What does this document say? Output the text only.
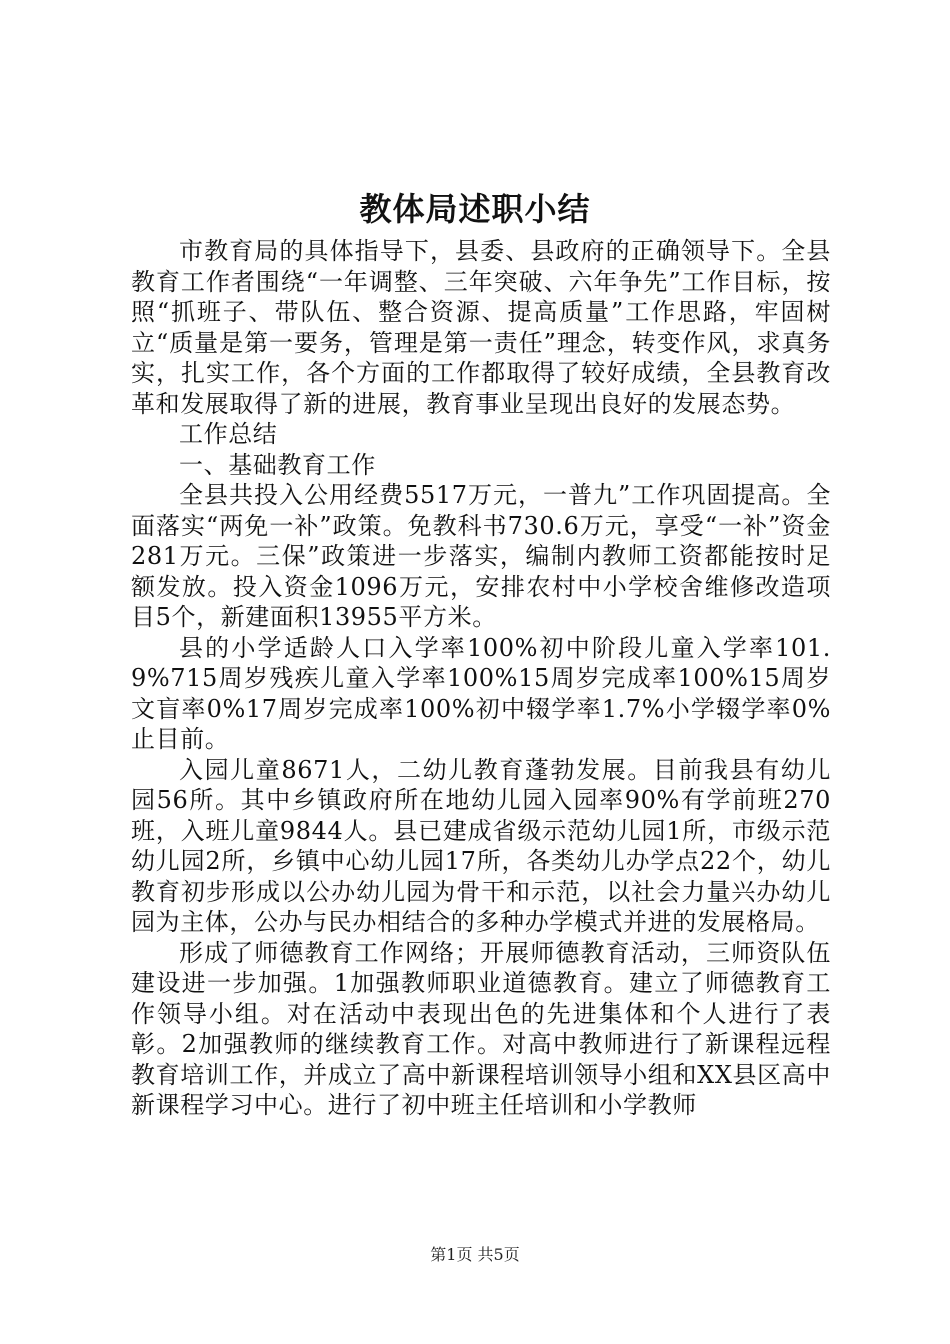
教体局述职小结

市教育局的具体指导下，县委、县政府的正确领导下。全县教育工作者围绕“一年调整、三年突破、六年争先”工作目标，按照“抓班子、带队伍、整合资源、提高质量”工作思路，牢固树立“质量是第一要务，管理是第一责任”理念，转变作风，求真务实，扎实工作，各个方面的工作都取得了较好成绩，全县教育改革和发展取得了新的进展，教育事业呈现出良好的发展态势。

工作总结

一、基础教育工作

全县共投入公用经费5517万元，一普九”工作巩固提高。全面落实“两免一补”政策。免教科书730.6万元，享受“一补”资金281万元。三保”政策进一步落实，编制内教师工资都能按时足额发放。投入资金1096万元，安排农村中小学校舍维修改造项目5个，新建面积13955平方米。

县的小学适龄人口入学率100%初中阶段儿童入学率101.9%715周岁残疾儿童入学率100%15周岁完成率100%15周岁文盲率0%17周岁完成率100%初中辍学率1.7%小学辍学率0%止目前。

入园儿童8671人，二幼儿教育蓬勃发展。目前我县有幼儿园56所。其中乡镇政府所在地幼儿园入园率90%有学前班270班，入班儿童9844人。县已建成省级示范幼儿园1所，市级示范幼儿园2所，乡镇中心幼儿园17所，各类幼儿办学点22个，幼儿教育初步形成以公办幼儿园为骨干和示范，以社会力量兴办幼儿园为主体，公办与民办相结合的多种办学模式并进的发展格局。

形成了师德教育工作网络；开展师德教育活动，三师资队伍建设进一步加强。1加强教师职业道德教育。建立了师德教育工作领导小组。对在活动中表现出色的先进集体和个人进行了表彰。2加强教师的继续教育工作。对高中教师进行了新课程远程教育培训工作，并成立了高中新课程培训领导小组和XX县区高中新课程学习中心。进行了初中班主任培训和小学教师

第1页 共5页
